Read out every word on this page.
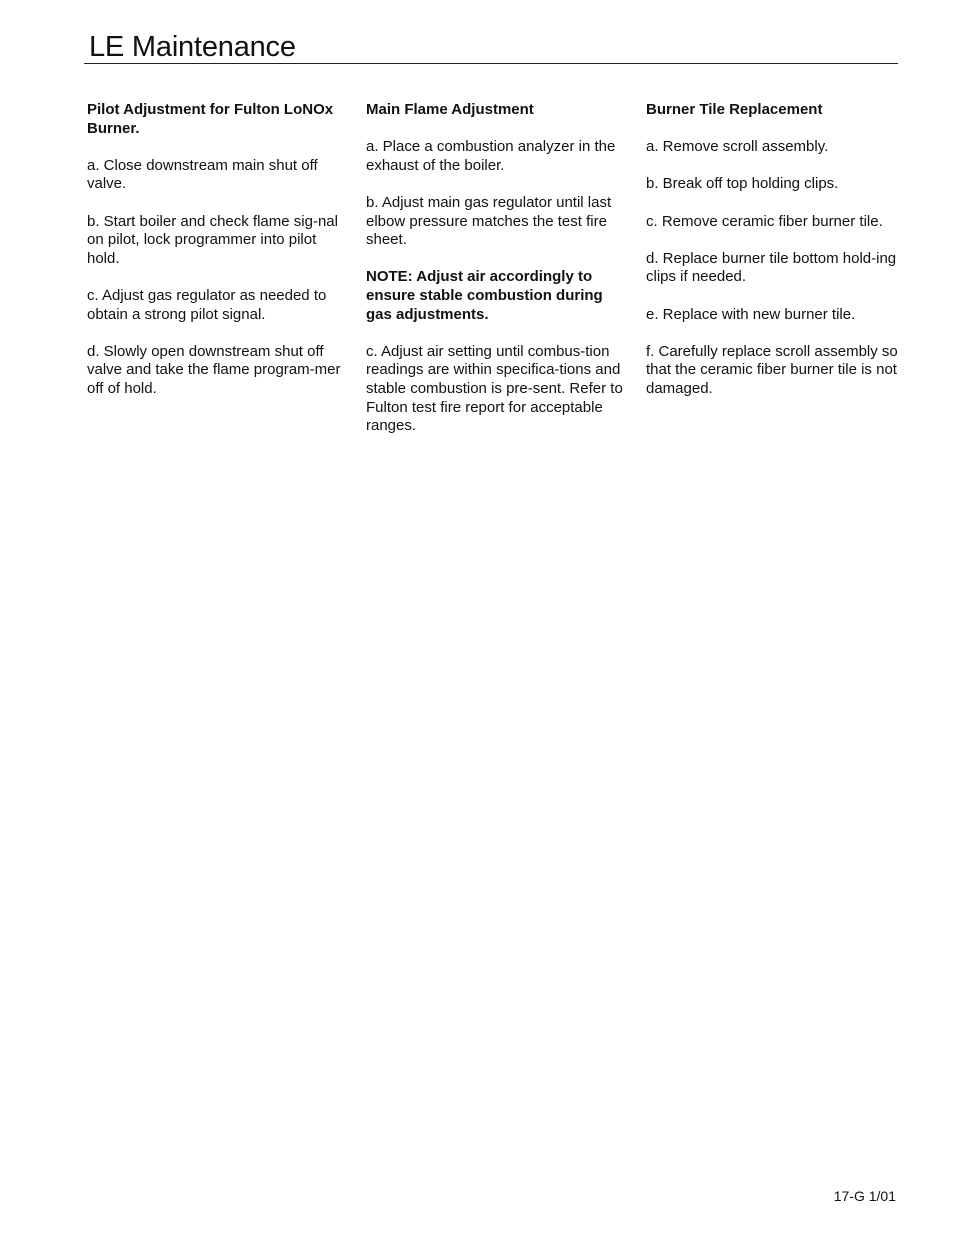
LE Maintenance

Pilot Adjustment for Fulton LoNOx Burner.

a. Close downstream main shut off valve.

b. Start boiler and check flame sig-nal on pilot, lock programmer into pilot hold.

c. Adjust gas regulator as needed to obtain a strong pilot signal.

d. Slowly open downstream shut off valve and take the flame program-mer off of hold.

Main Flame Adjustment

a. Place a combustion analyzer in the exhaust of the boiler.

b. Adjust main gas regulator until last elbow pressure matches the test fire sheet.

NOTE: Adjust air accordingly to ensure stable combustion during gas adjustments.

c. Adjust air setting until combus-tion readings are within specifica-tions and stable combustion is pre-sent. Refer to Fulton test fire report for acceptable ranges.

Burner Tile Replacement

a. Remove scroll assembly.

b. Break off top holding clips.

c. Remove ceramic fiber burner tile.

d. Replace burner tile bottom hold-ing clips if needed.

e. Replace with new burner tile.

f. Carefully replace scroll assembly so that the ceramic fiber burner tile is not damaged.

17-G 1/01
